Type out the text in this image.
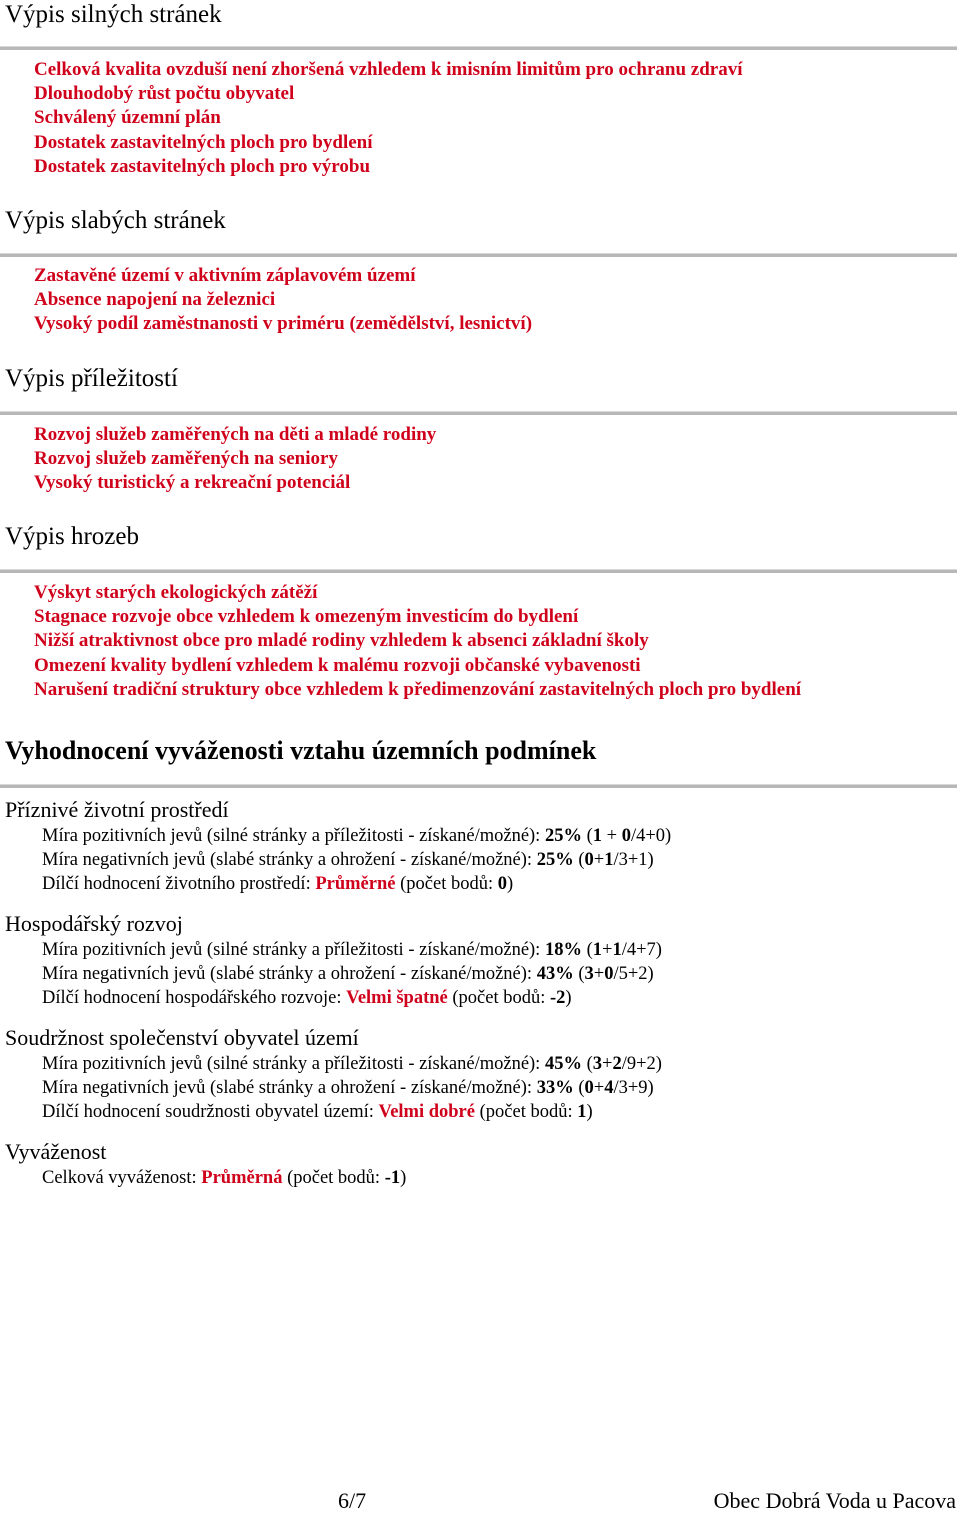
Výpis silných stránek
Celková kvalita ovzduší není zhoršená vzhledem k imisním limitům pro ochranu zdraví
Dlouhodobý růst počtu obyvatel
Schválený územní plán
Dostatek zastavitelných ploch pro bydlení
Dostatek zastavitelných ploch pro výrobu
Výpis slabých stránek
Zastavěné území v aktivním záplavovém území
Absence napojení na železnici
Vysoký podíl zaměstnanosti v priméru (zemědělství, lesnictví)
Výpis příležitostí
Rozvoj služeb zaměřených na děti a mladé rodiny
Rozvoj služeb zaměřených na seniory
Vysoký turistický a rekreační potenciál
Výpis hrozeb
Výskyt starých ekologických zátěží
Stagnace rozvoje obce vzhledem k omezeným investicím do bydlení
Nižší atraktivnost obce pro mladé rodiny vzhledem k absenci základní školy
Omezení kvality bydlení vzhledem k malému rozvoji občanské vybavenosti
Narušení tradiční struktury obce vzhledem k předimenzování zastavitelných ploch pro bydlení
Vyhodnocení vyváženosti vztahu územních podmínek
Příznivé životní prostředí
Míra pozitivních jevů (silné stránky a příležitosti - získané/možné): 25% (1 + 0/4+0)
Míra negativních jevů (slabé stránky a ohrožení - získané/možné): 25% (0+1/3+1)
Dílčí hodnocení životního prostředí: Průměrné (počet bodů: 0)
Hospodářský rozvoj
Míra pozitivních jevů (silné stránky a příležitosti - získané/možné): 18% (1+1/4+7)
Míra negativních jevů (slabé stránky a ohrožení - získané/možné): 43% (3+0/5+2)
Dílčí hodnocení hospodářského rozvoje: Velmi špatné (počet bodů: -2)
Soudržnost společenství obyvatel území
Míra pozitivních jevů (silné stránky a příležitosti - získané/možné): 45% (3+2/9+2)
Míra negativních jevů (slabé stránky a ohrožení - získané/možné): 33% (0+4/3+9)
Dílčí hodnocení soudržnosti obyvatel území: Velmi dobré (počet bodů: 1)
Vyváženost
Celková vyváženost: Průměrná (počet bodů: -1)
6/7	Obec Dobrá Voda u Pacova
